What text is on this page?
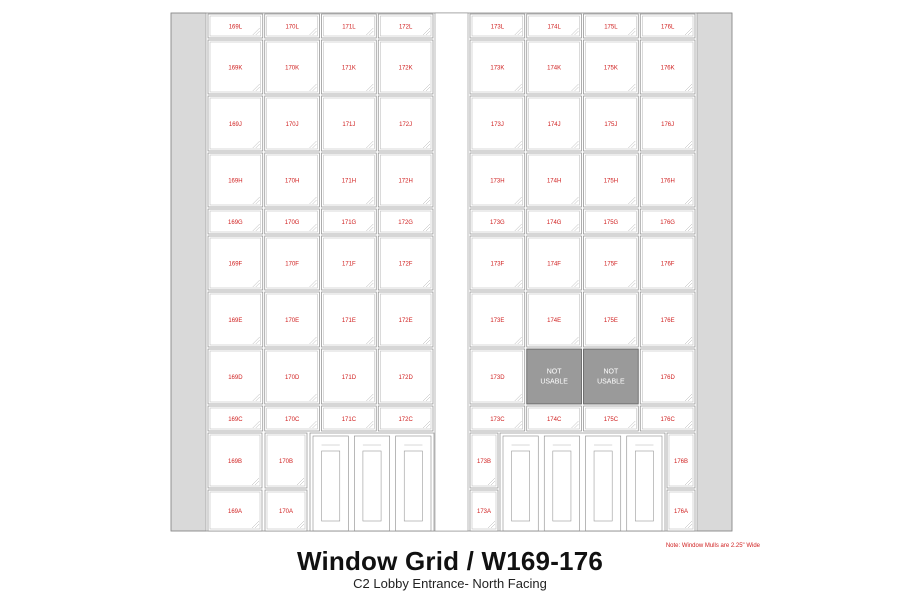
169L
169K
169J
169H
169G
169F
169E
169D
169C
170L
170K
170J
170H
170G
170F
170E
170D
170C
171L
171K
171J
171H
171G
171F
171E
171D
171C
172L
172K
172J
172H
172G
172F
172E
172D
172C
173L
173K
173J
173H
173G
173F
173E
173D
173C
174L
174K
174J
174H
174G
174F
174E
NOT
USABLE
174C
175L
175K
175J
175H
175G
175F
175E
NOT
USABLE
175C
176L
176K
176J
176H
176G
176F
176E
176D
176C
169B
169A
170B
170A
173B
173A
176B
176A
Note: Window Mulls are 2.25" Wide
Window Grid / W169-176
C2 Lobby Entrance- North Facing
